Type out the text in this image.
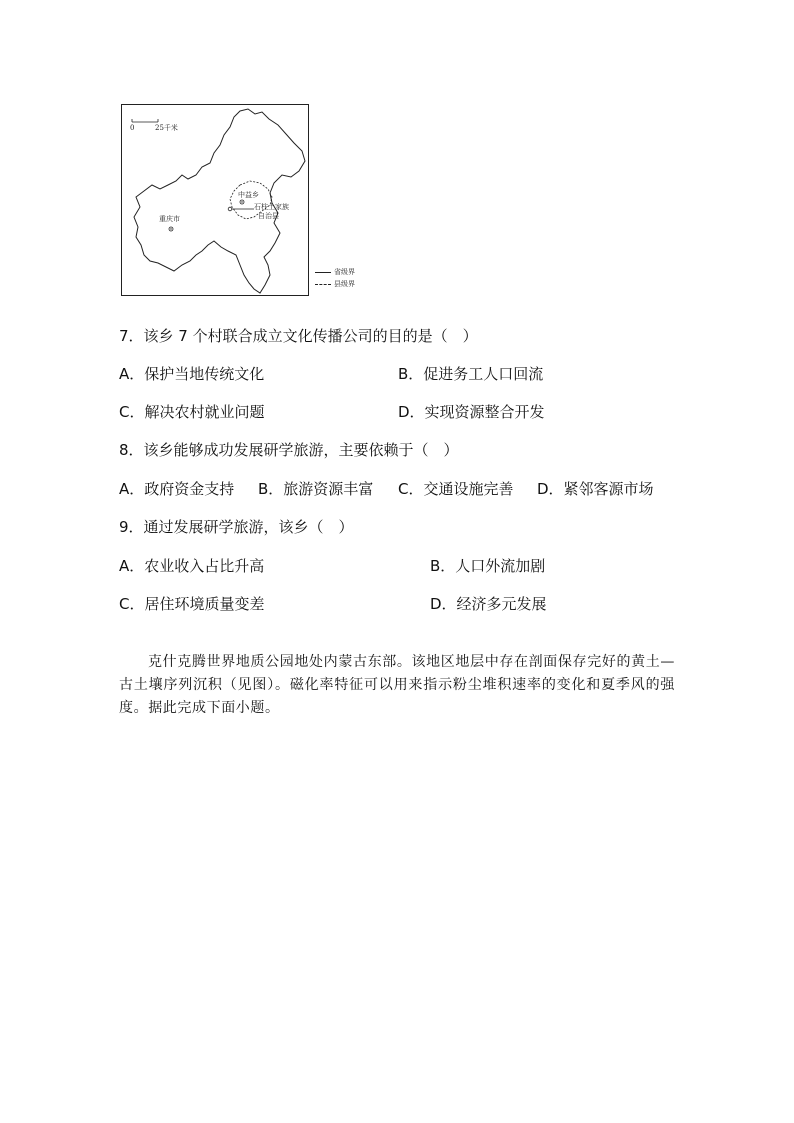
0	25千米
中益乡
石柱土家族
自治县
重庆市
省级界
县级界
7．该乡 7 个村联合成立文化传播公司的目的是（　）
A．保护当地传统文化	B．促进务工人口回流
C．解决农村就业问题	D．实现资源整合开发
8．该乡能够成功发展研学旅游，主要依赖于（　）
A．政府资金支持 B．旅游资源丰富 C．交通设施完善 D．紧邻客源市场
9．通过发展研学旅游，该乡（　）
A．农业收入占比升高	B．人口外流加剧
C．居住环境质量变差	D．经济多元发展
克什克腾世界地质公园地处内蒙古东部。该地区地层中存在剖面保存完好的黄土—古土壤序列沉积（见图）。磁化率特征可以用来指示粉尘堆积速率的变化和夏季风的强度。据此完成下面小题。
